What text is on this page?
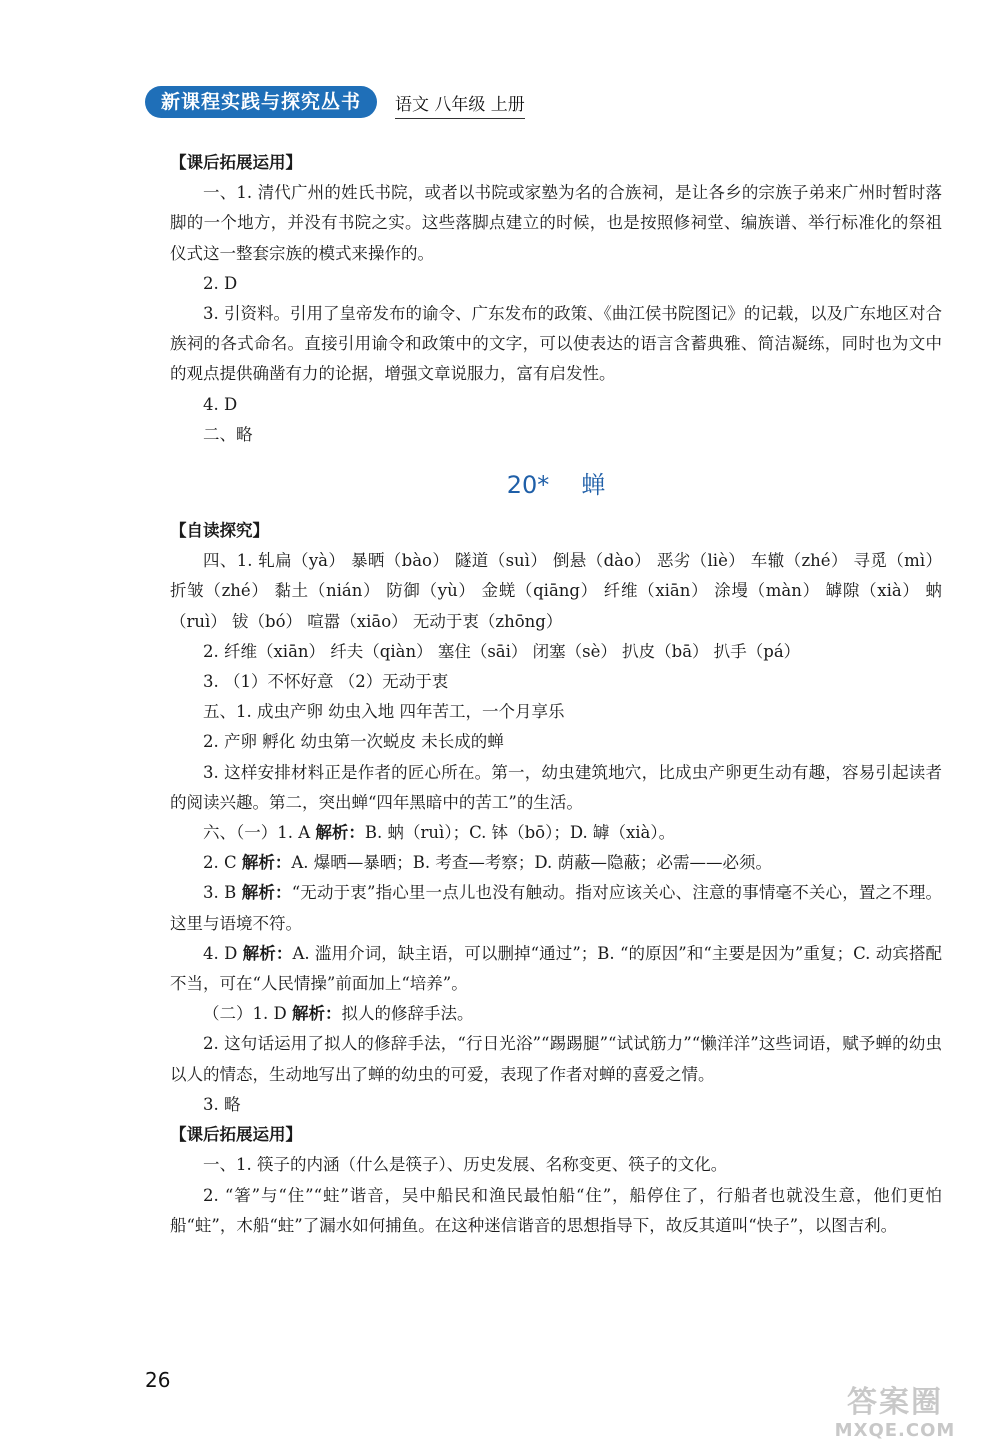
新课程实践与探究丛书	语文 八年级 上册

【课后拓展运用】

一、1. 清代广州的姓氏书院，或者以书院或家塾为名的合族祠，是让各乡的宗族子弟来广州时暂时落脚的一个地方，并没有书院之实。这些落脚点建立的时候，也是按照修祠堂、编族谱、举行标准化的祭祖仪式这一整套宗族的模式来操作的。

2. D

3. 引资料。引用了皇帝发布的谕令、广东发布的政策、《曲江侯书院图记》的记载，以及广东地区对合族祠的各式命名。直接引用谕令和政策中的文字，可以使表达的语言含蓄典雅、简洁凝练，同时也为文中的观点提供确凿有力的论据，增强文章说服力，富有启发性。

4. D

二、略

20* 蝉

【自读探究】

四、1. 轧扁（yà） 暴晒（bào） 隧道（suì） 倒悬（dào） 恶劣（liè） 车辙（zhé） 寻觅（mì） 折皱（zhé） 黏土（nián） 防御（yù） 金蜣（qiāng） 纤维（xiān） 涂墁（màn） 罅隙（xià） 蚋（ruì） 钹（bó） 喧嚣（xiāo） 无动于衷（zhōng）

2. 纤维（xiān） 纤夫（qiàn） 塞住（sāi） 闭塞（sè） 扒皮（bā） 扒手（pá）

3. （1）不怀好意 （2）无动于衷

五、1. 成虫产卵 幼虫入地 四年苦工，一个月享乐

2. 产卵 孵化 幼虫第一次蜕皮 未长成的蝉

3. 这样安排材料正是作者的匠心所在。第一，幼虫建筑地穴，比成虫产卵更生动有趣，容易引起读者的阅读兴趣。第二，突出蝉“四年黑暗中的苦工”的生活。

六、（一）1. A 解析：B. 蚋（ruì）；C. 钵（bō）；D. 罅（xià）。

2. C 解析：A. 爆晒—暴晒；B. 考查—考察；D. 荫蔽—隐蔽；必需——必须。

3. B 解析：“无动于衷”指心里一点儿也没有触动。指对应该关心、注意的事情毫不关心，置之不理。这里与语境不符。

4. D 解析：A. 滥用介词，缺主语，可以删掉“通过”；B. “的原因”和“主要是因为”重复；C. 动宾搭配不当，可在“人民情操”前面加上“培养”。

（二）1. D 解析：拟人的修辞手法。

2. 这句话运用了拟人的修辞手法，“行日光浴”“踢踢腿”“试试筋力”“懒洋洋”这些词语，赋予蝉的幼虫以人的情态，生动地写出了蝉的幼虫的可爱，表现了作者对蝉的喜爱之情。

3. 略

【课后拓展运用】

一、1. 筷子的内涵（什么是筷子）、历史发展、名称变更、筷子的文化。

2. “箸”与“住”“蛀”谐音，吴中船民和渔民最怕船“住”，船停住了，行船者也就没生意，他们更怕船“蛀”，木船“蛀”了漏水如何捕鱼。在这种迷信谐音的思想指导下，故反其道叫“快子”，以图吉利。

26
答案圈
MXQE.COM
